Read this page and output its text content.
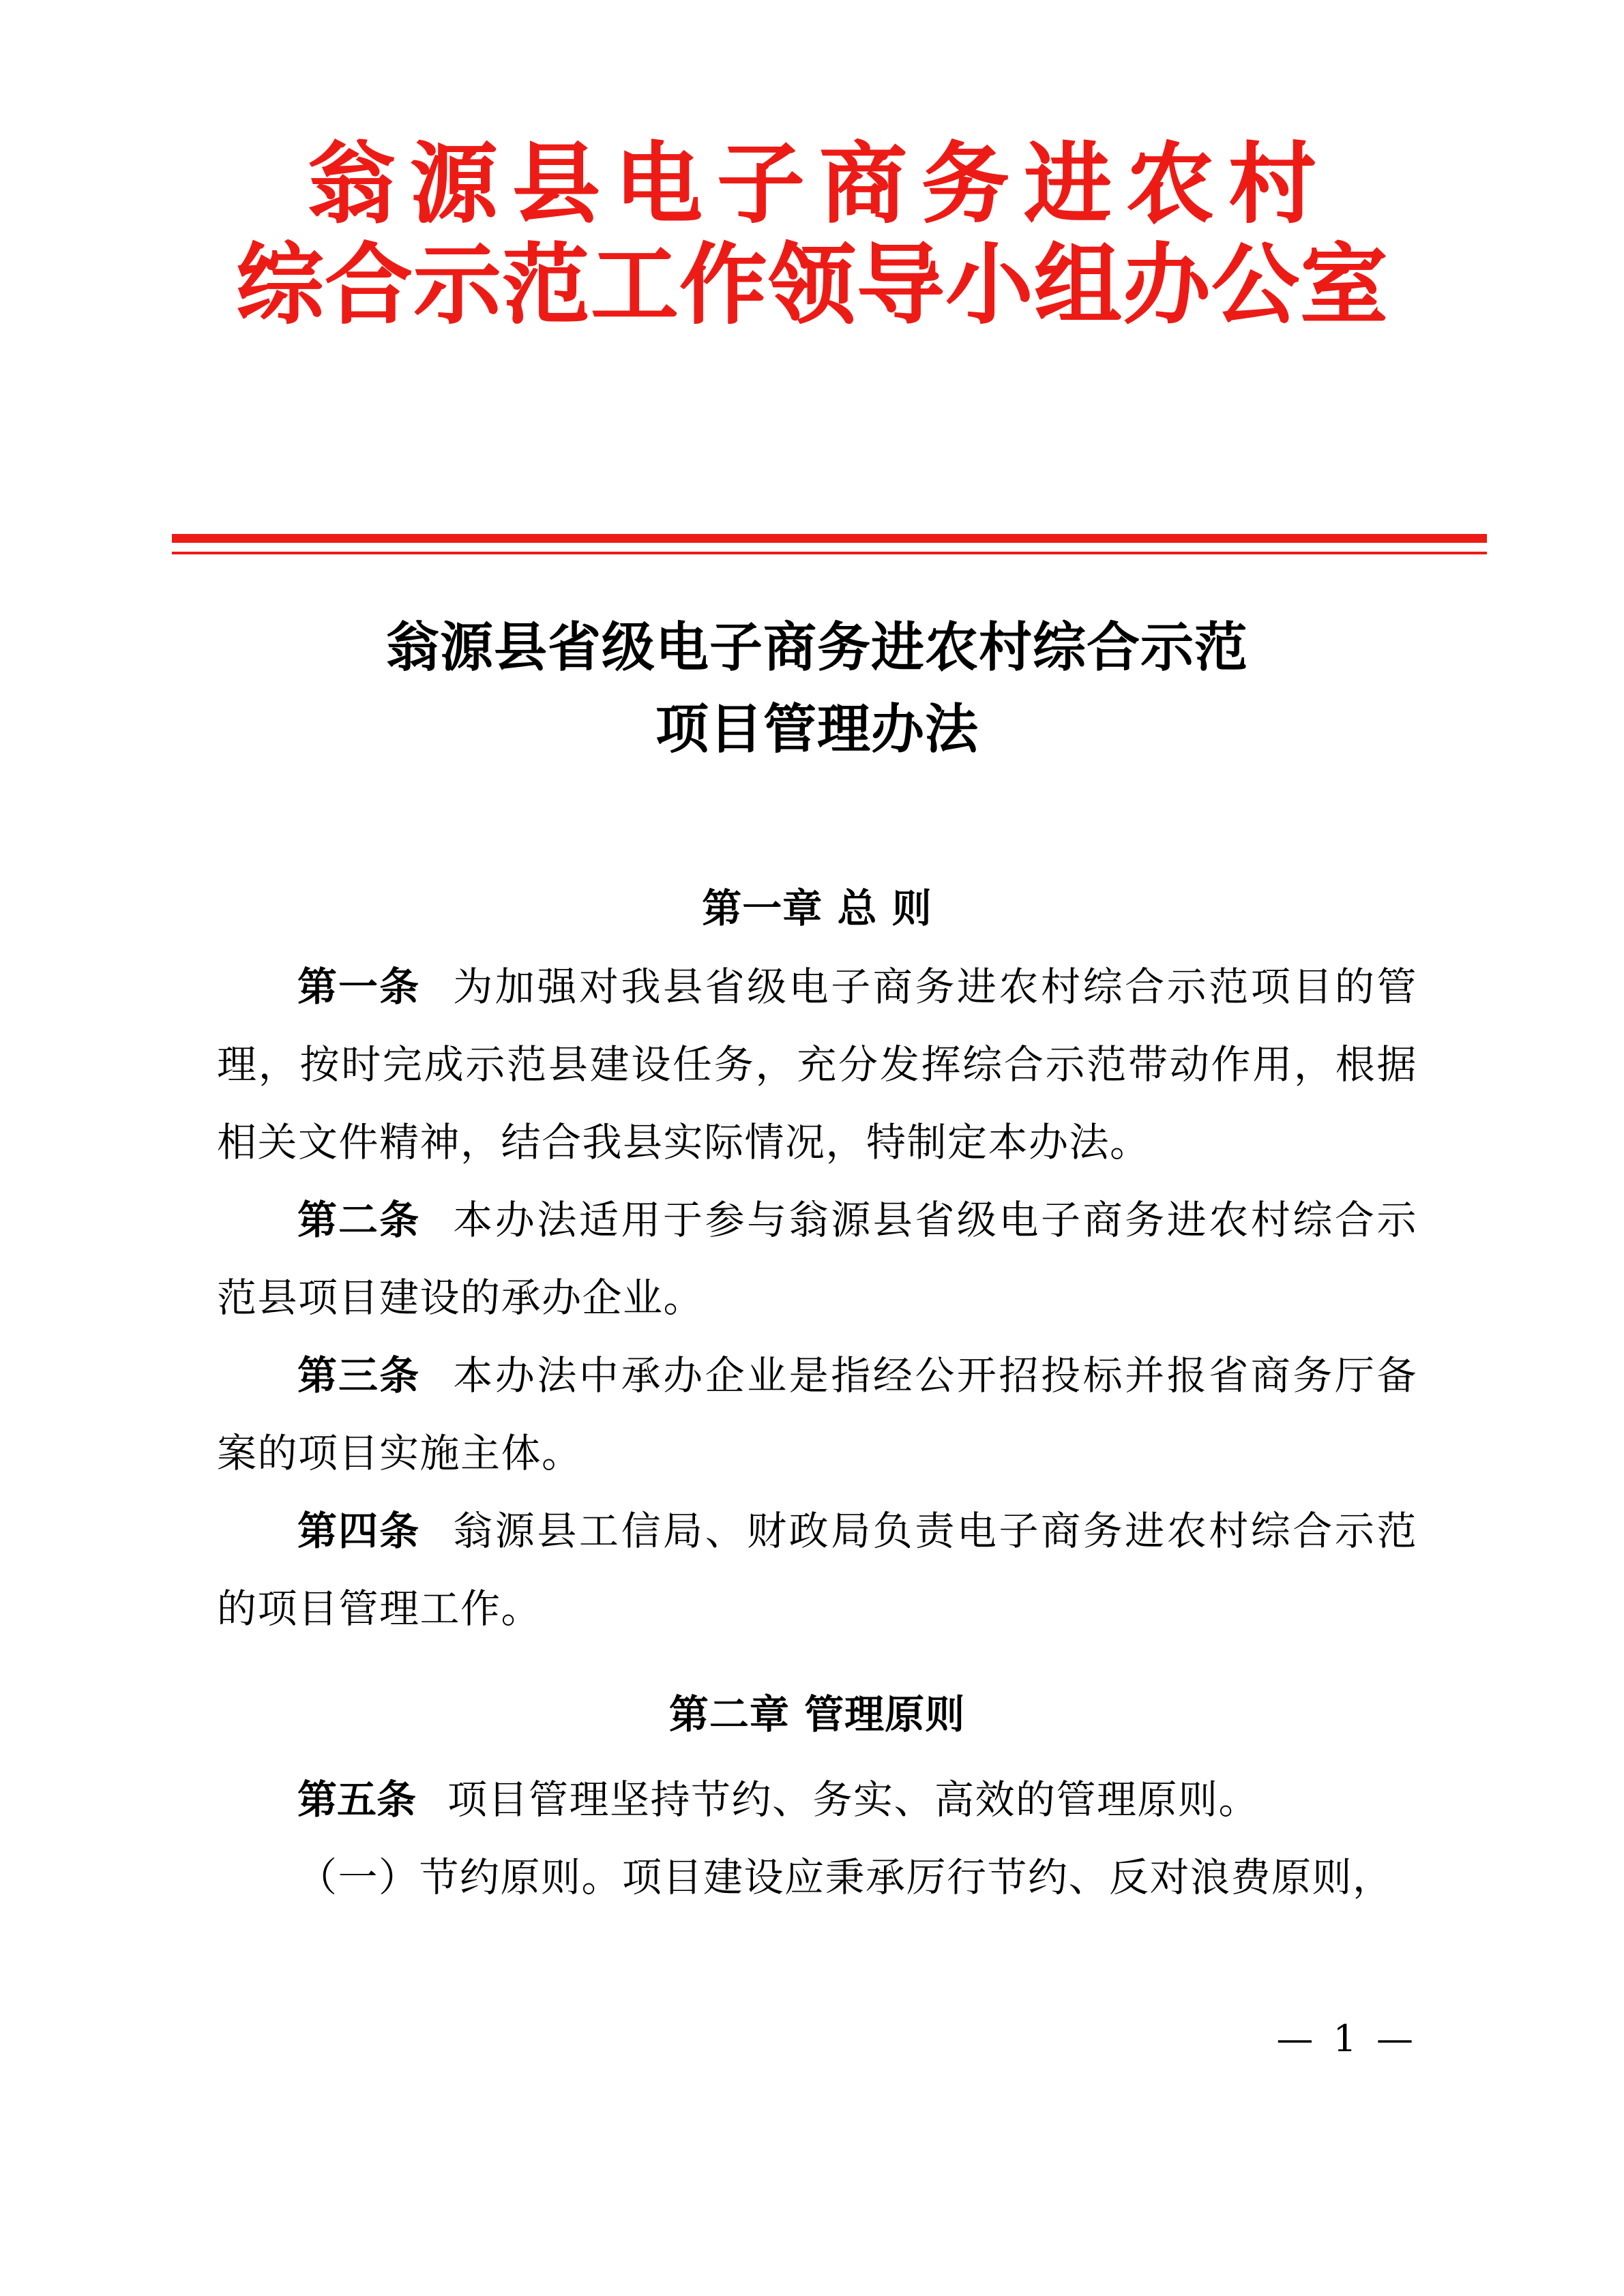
翁源县电子商务进农村
综合示范工作领导小组办公室
翁源县省级电子商务进农村综合示范
项目管理办法
第一章 总 则

第一条 为加强对我县省级电子商务进农村综合示范项目的管理，按时完成示范县建设任务，充分发挥综合示范带动作用，根据相关文件精神，结合我县实际情况，特制定本办法。

第二条 本办法适用于参与翁源县省级电子商务进农村综合示范县项目建设的承办企业。

第三条 本办法中承办企业是指经公开招投标并报省商务厅备案的项目实施主体。

第四条 翁源县工信局、财政局负责电子商务进农村综合示范的项目管理工作。

第二章 管理原则

第五条 项目管理坚持节约、务实、高效的管理原则。

（一）节约原则。项目建设应秉承厉行节约、反对浪费原则，

— 1 —
